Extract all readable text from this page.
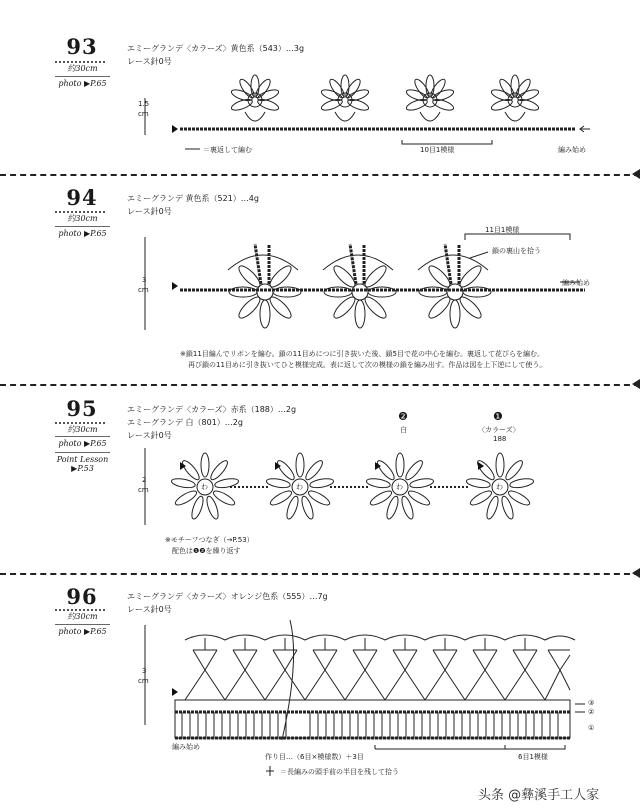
93
約30cm
photo ▶P.65
エミーグランデ〈カラーズ〉黄色系（543）…3g
レース針0号
1.5
cm
＝裏返して編む	10目1模様	編み始め
94
約30cm
photo ▶P.65
エミーグランデ 黄色系（521）…4g
レース針0号
3
cm
11目1模様
鎖の裏山を拾う
編み始め
※鎖11目編んでリボンを編む。鎖の11目めにつに引き抜いた後、鎖5目で花の中心を編む。裏返して花びらを編む。
再び鎖の11目めに引き抜いてひと模様完成。表に返して次の模様の鎖を編み出す。作品は図を上下逆にして使う。
95
約30cm
photo ▶P.65
Point Lesson ▶P.53
エミーグランデ〈カラーズ〉赤系（188）…2g
エミーグランデ 白（801）…2g
レース針0号
2
cm
❷
白
❶
〈カラーズ〉
188
わ	わ	わ	わ
※モチーフつなぎ（→P.53）
配色は❶❷を繰り返す
96
約30cm
photo ▶P.65
エミーグランデ〈カラーズ〉オレンジ色系（555）…7g
レース針0号
3
cm
編み始め
6目1模様
作り目…（6目×模様数）＋3目
③
②
①
＝長編みの頭手前の半目を残して拾う
头条 @彝溪手工人家
